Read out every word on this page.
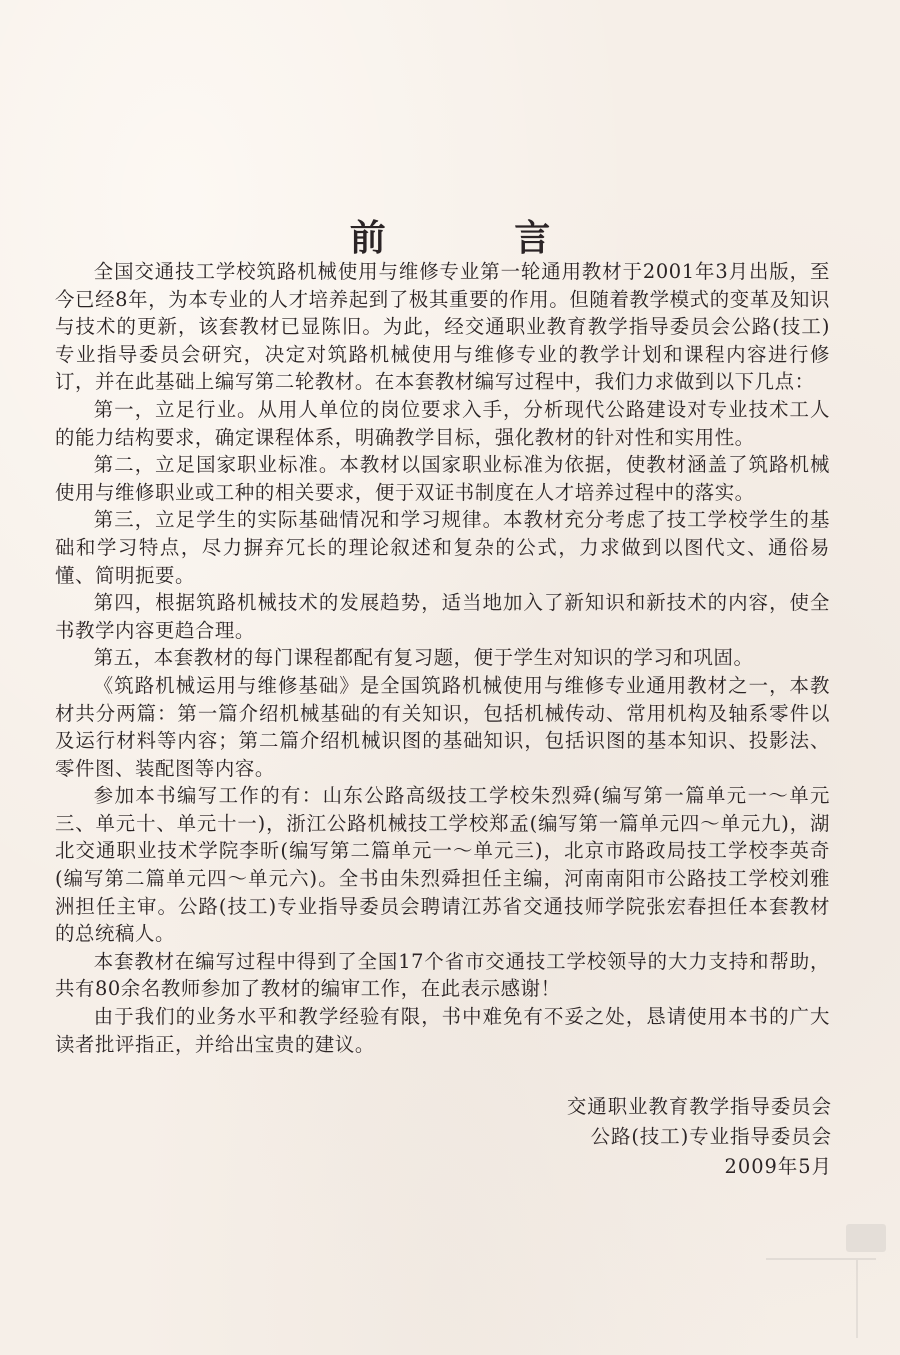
前 言

全国交通技工学校筑路机械使用与维修专业第一轮通用教材于2001年3月出版，至今已经8年，为本专业的人才培养起到了极其重要的作用。但随着教学模式的变革及知识与技术的更新，该套教材已显陈旧。为此，经交通职业教育教学指导委员会公路(技工)专业指导委员会研究，决定对筑路机械使用与维修专业的教学计划和课程内容进行修订，并在此基础上编写第二轮教材。在本套教材编写过程中，我们力求做到以下几点：

第一，立足行业。从用人单位的岗位要求入手，分析现代公路建设对专业技术工人的能力结构要求，确定课程体系，明确教学目标，强化教材的针对性和实用性。

第二，立足国家职业标准。本教材以国家职业标准为依据，使教材涵盖了筑路机械使用与维修职业或工种的相关要求，便于双证书制度在人才培养过程中的落实。

第三，立足学生的实际基础情况和学习规律。本教材充分考虑了技工学校学生的基础和学习特点，尽力摒弃冗长的理论叙述和复杂的公式，力求做到以图代文、通俗易懂、简明扼要。

第四，根据筑路机械技术的发展趋势，适当地加入了新知识和新技术的内容，使全书教学内容更趋合理。

第五，本套教材的每门课程都配有复习题，便于学生对知识的学习和巩固。

《筑路机械运用与维修基础》是全国筑路机械使用与维修专业通用教材之一，本教材共分两篇：第一篇介绍机械基础的有关知识，包括机械传动、常用机构及轴系零件以及运行材料等内容；第二篇介绍机械识图的基础知识，包括识图的基本知识、投影法、零件图、装配图等内容。

参加本书编写工作的有：山东公路高级技工学校朱烈舜(编写第一篇单元一～单元三、单元十、单元十一)，浙江公路机械技工学校郑孟(编写第一篇单元四～单元九)，湖北交通职业技术学院李昕(编写第二篇单元一～单元三)，北京市路政局技工学校李英奇(编写第二篇单元四～单元六)。全书由朱烈舜担任主编，河南南阳市公路技工学校刘雅洲担任主审。公路(技工)专业指导委员会聘请江苏省交通技师学院张宏春担任本套教材的总统稿人。

本套教材在编写过程中得到了全国17个省市交通技工学校领导的大力支持和帮助，共有80余名教师参加了教材的编审工作，在此表示感谢！

由于我们的业务水平和教学经验有限，书中难免有不妥之处，恳请使用本书的广大读者批评指正，并给出宝贵的建议。

交通职业教育教学指导委员会
公路(技工)专业指导委员会
2009年5月
